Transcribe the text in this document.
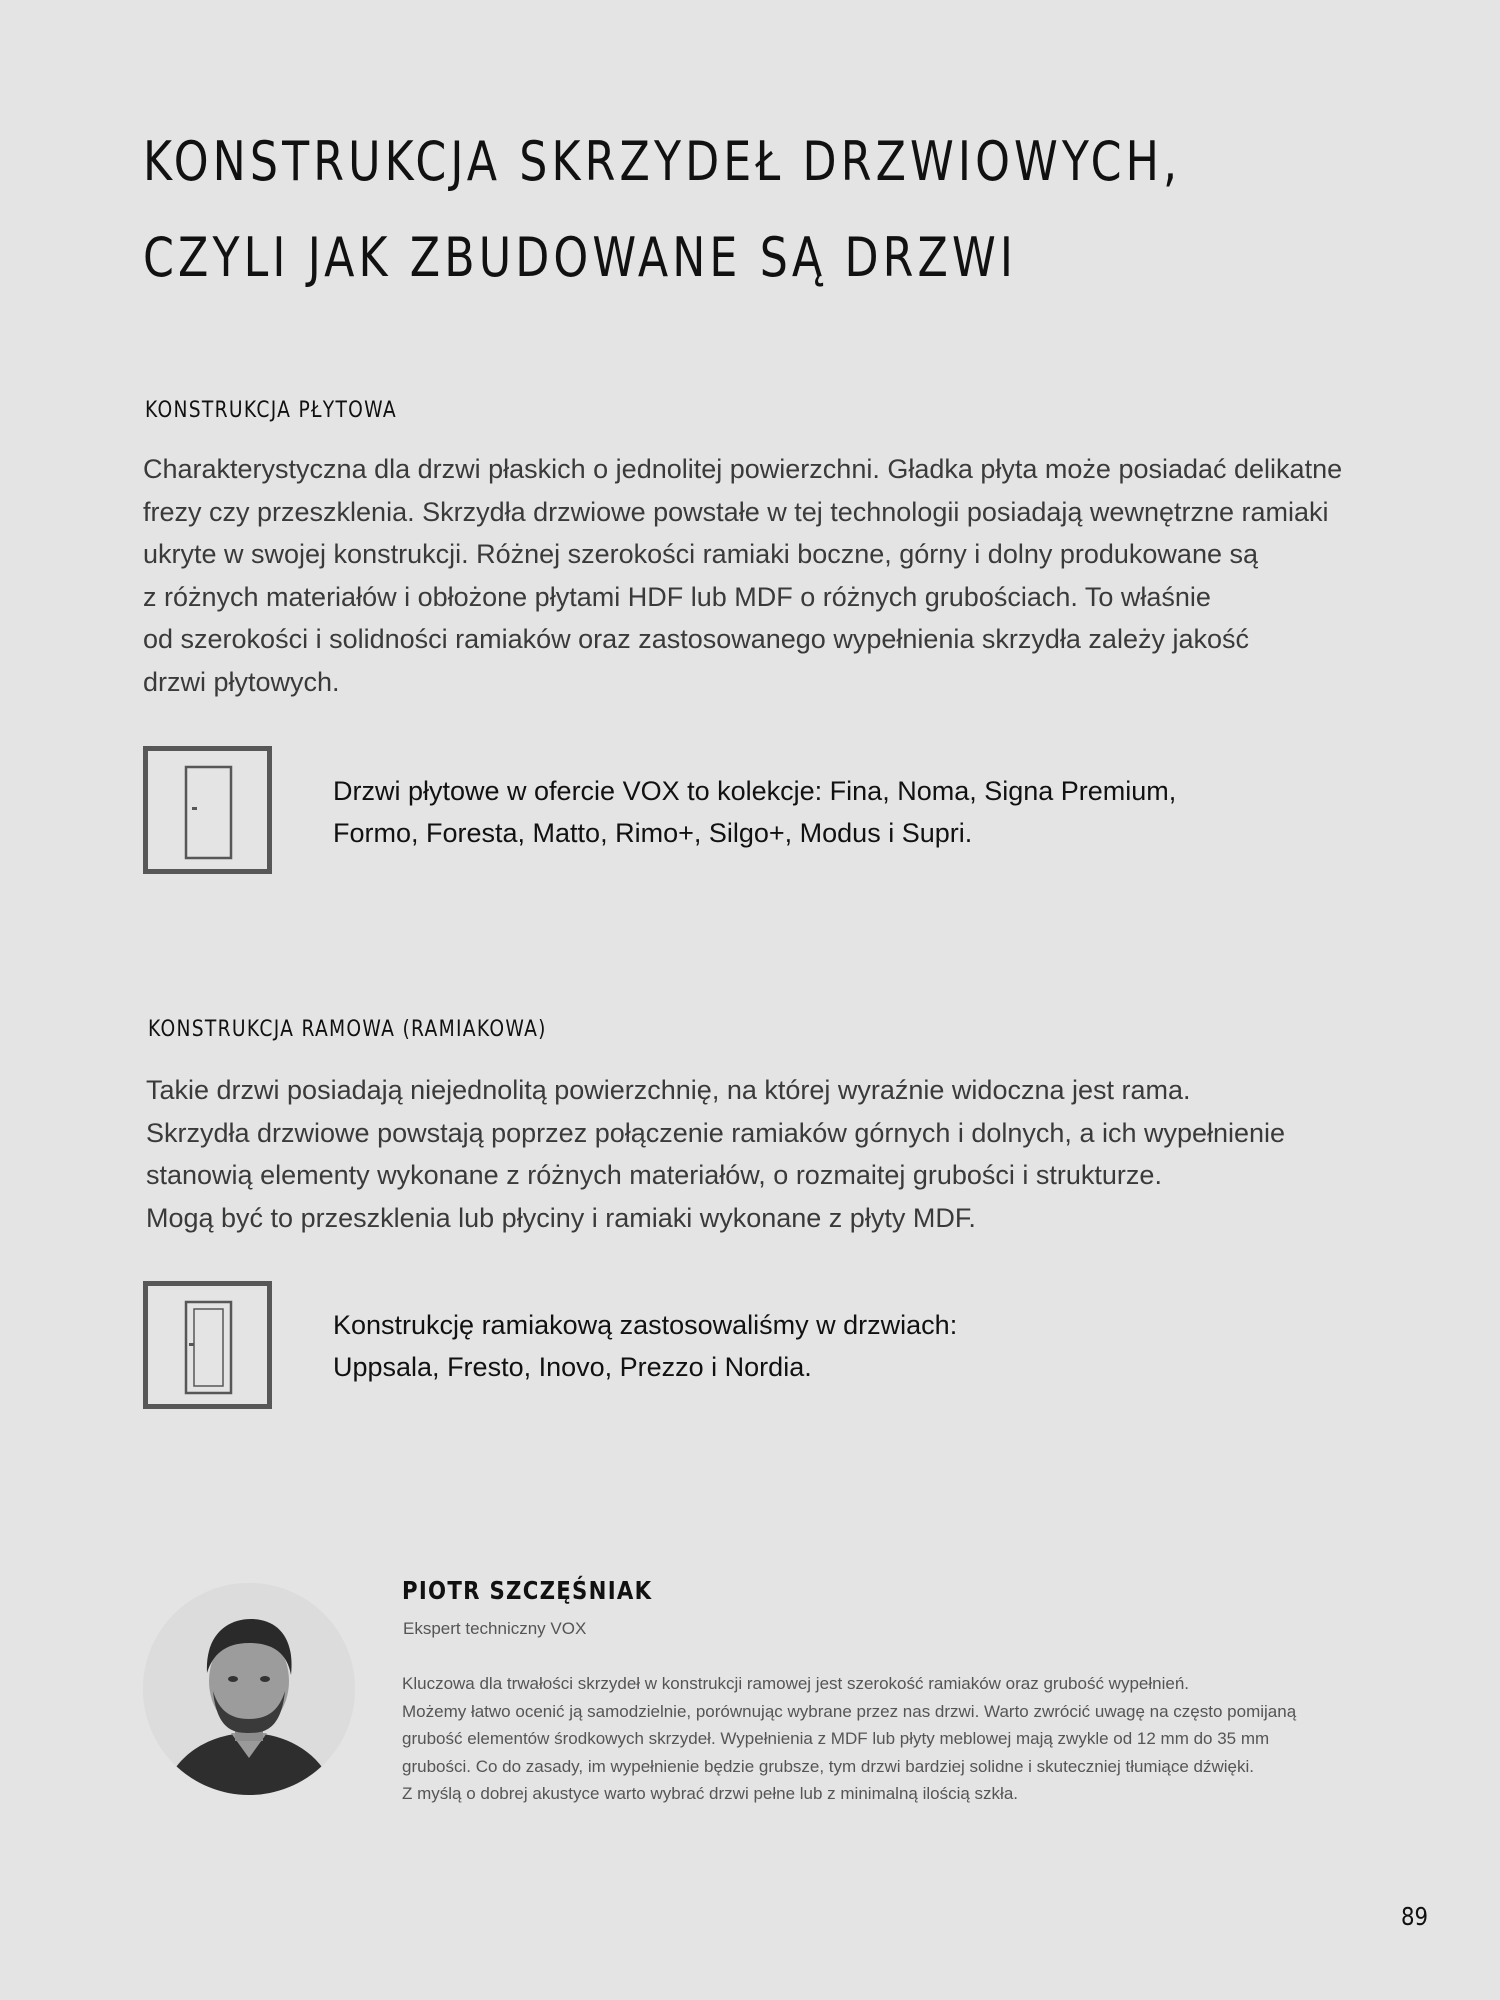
KONSTRUKCJA SKRZYDEŁ DRZWIOWYCH,
CZYLI JAK ZBUDOWANE SĄ DRZWI
KONSTRUKCJA PŁYTOWA
Charakterystyczna dla drzwi płaskich o jednolitej powierzchni. Gładka płyta może posiadać delikatne
frezy czy przeszklenia. Skrzydła drzwiowe powstałe w tej technologii posiadają wewnętrzne ramiaki
ukryte w swojej konstrukcji. Różnej szerokości ramiaki boczne, górny i dolny produkowane są
z różnych materiałów i obłożone płytami HDF lub MDF o różnych grubościach. To właśnie
od szerokości i solidności ramiaków oraz zastosowanego wypełnienia skrzydła zależy jakość
drzwi płytowych.
Drzwi płytowe w ofercie VOX to kolekcje: Fina, Noma, Signa Premium,
Formo, Foresta, Matto, Rimo+, Silgo+, Modus i Supri.
KONSTRUKCJA RAMOWA (RAMIAKOWA)
Takie drzwi posiadają niejednolitą powierzchnię, na której wyraźnie widoczna jest rama.
Skrzydła drzwiowe powstają poprzez połączenie ramiaków górnych i dolnych, a ich wypełnienie
stanowią elementy wykonane z różnych materiałów, o rozmaitej grubości i strukturze.
Mogą być to przeszklenia lub płyciny i ramiaki wykonane z płyty MDF.
Konstrukcję ramiakową zastosowaliśmy w drzwiach:
Uppsala, Fresto, Inovo, Prezzo i Nordia.
PIOTR SZCZĘŚNIAK
Ekspert techniczny VOX
Kluczowa dla trwałości skrzydeł w konstrukcji ramowej jest szerokość ramiaków oraz grubość wypełnień.
Możemy łatwo ocenić ją samodzielnie, porównując wybrane przez nas drzwi. Warto zwrócić uwagę na często pomijaną
grubość elementów środkowych skrzydeł. Wypełnienia z MDF lub płyty meblowej mają zwykle od 12 mm do 35 mm
grubości. Co do zasady, im wypełnienie będzie grubsze, tym drzwi bardziej solidne i skuteczniej tłumiące dźwięki.
Z myślą o dobrej akustyce warto wybrać drzwi pełne lub z minimalną ilością szkła.
89
